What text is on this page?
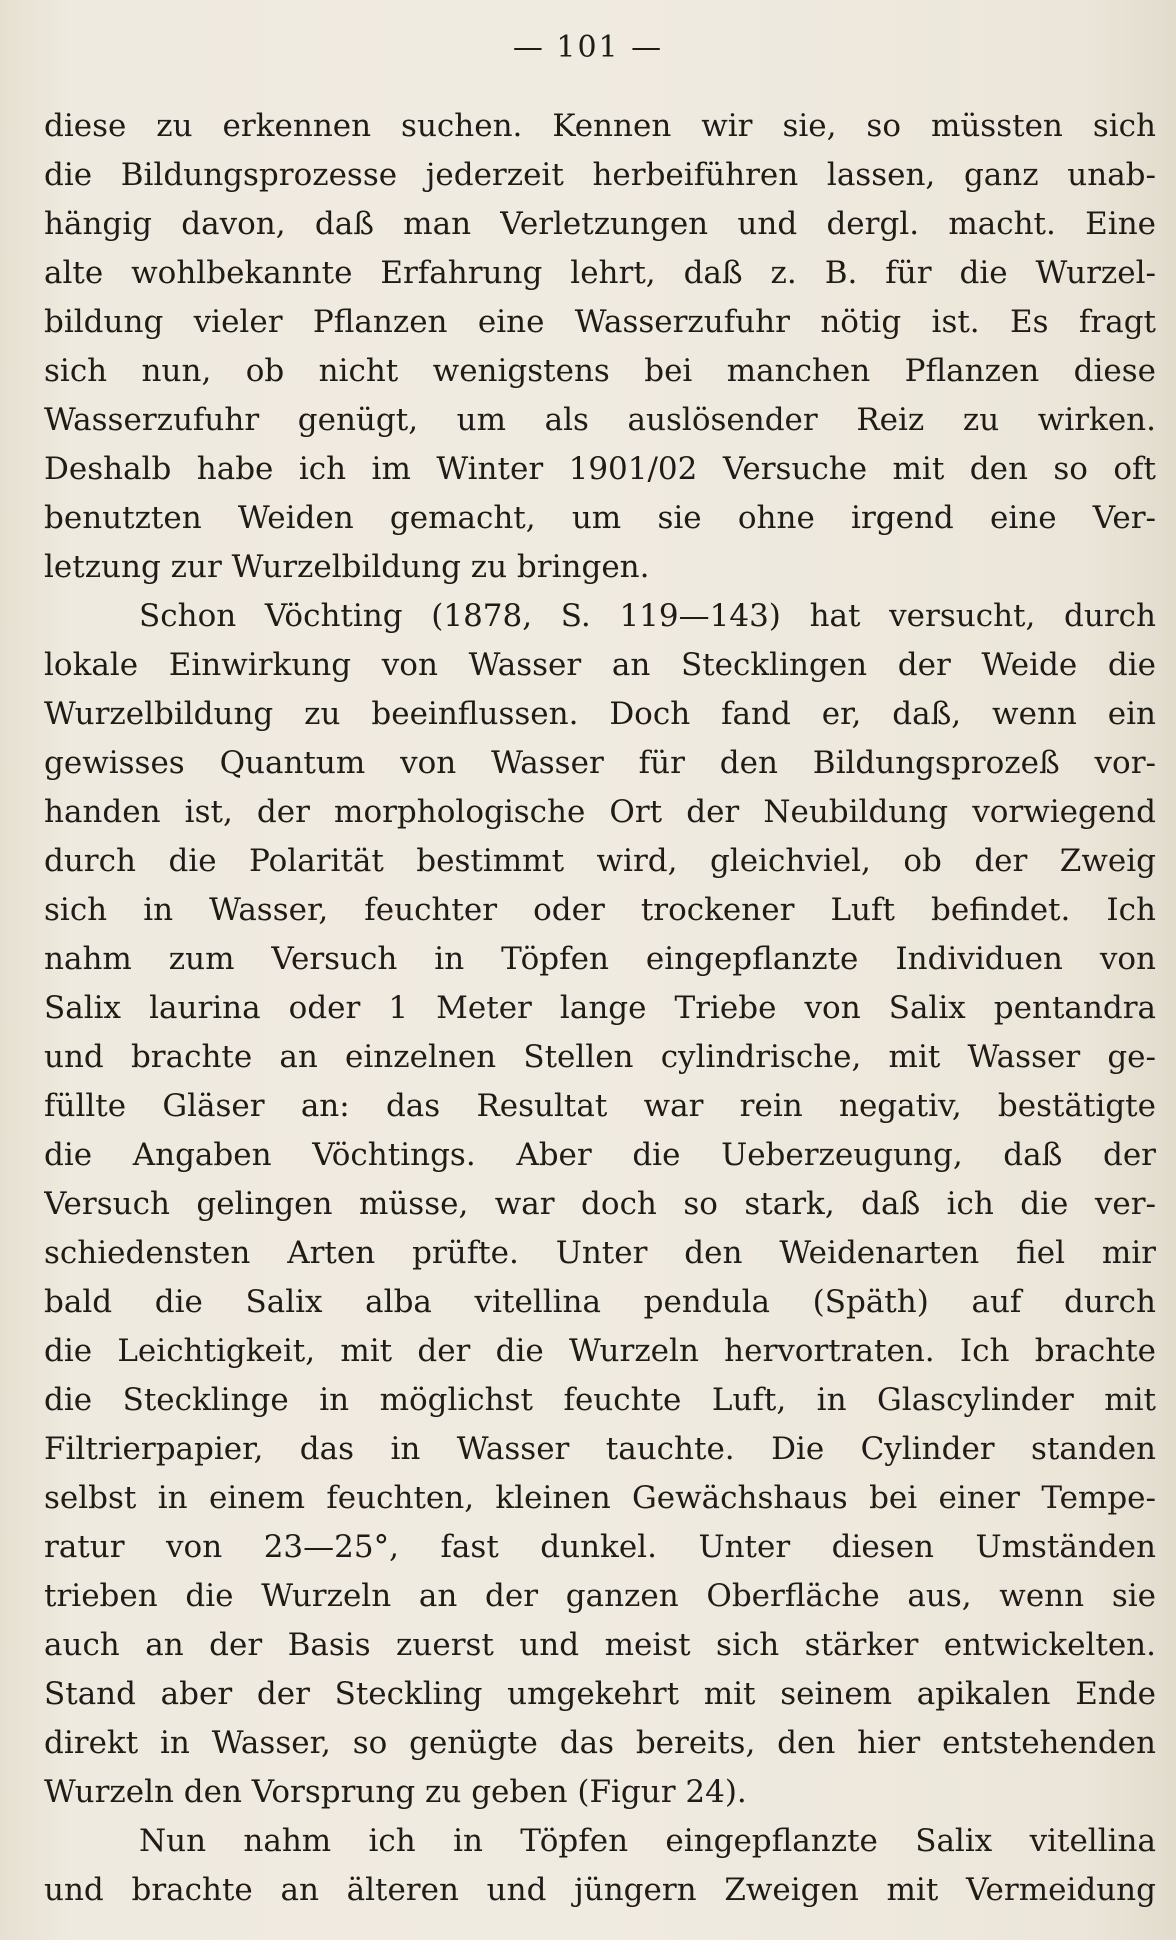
— 101 —
diese zu erkennen suchen. Kennen wir sie, so müssten sich
die Bildungsprozesse jederzeit herbeiführen lassen, ganz unab-
hängig davon, daß man Verletzungen und dergl. macht. Eine
alte wohlbekannte Erfahrung lehrt, daß z. B. für die Wurzel-
bildung vieler Pflanzen eine Wasserzufuhr nötig ist. Es fragt
sich nun, ob nicht wenigstens bei manchen Pflanzen diese
Wasserzufuhr genügt, um als auslösender Reiz zu wirken.
Deshalb habe ich im Winter 1901/02 Versuche mit den so oft
benutzten Weiden gemacht, um sie ohne irgend eine Ver-
letzung zur Wurzelbildung zu bringen.
Schon Vöchting (1878, S. 119—143) hat versucht, durch
lokale Einwirkung von Wasser an Stecklingen der Weide die
Wurzelbildung zu beeinflussen. Doch fand er, daß, wenn ein
gewisses Quantum von Wasser für den Bildungsprozeß vor-
handen ist, der morphologische Ort der Neubildung vorwiegend
durch die Polarität bestimmt wird, gleichviel, ob der Zweig
sich in Wasser, feuchter oder trockener Luft befindet. Ich
nahm zum Versuch in Töpfen eingepflanzte Individuen von
Salix laurina oder 1 Meter lange Triebe von Salix pentandra
und brachte an einzelnen Stellen cylindrische, mit Wasser ge-
füllte Gläser an: das Resultat war rein negativ, bestätigte
die Angaben Vöchtings. Aber die Ueberzeugung, daß der
Versuch gelingen müsse, war doch so stark, daß ich die ver-
schiedensten Arten prüfte. Unter den Weidenarten fiel mir
bald die Salix alba vitellina pendula (Späth) auf durch
die Leichtigkeit, mit der die Wurzeln hervortraten. Ich brachte
die Stecklinge in möglichst feuchte Luft, in Glascylinder mit
Filtrierpapier, das in Wasser tauchte. Die Cylinder standen
selbst in einem feuchten, kleinen Gewächshaus bei einer Tempe-
ratur von 23—25°, fast dunkel. Unter diesen Umständen
trieben die Wurzeln an der ganzen Oberfläche aus, wenn sie
auch an der Basis zuerst und meist sich stärker entwickelten.
Stand aber der Steckling umgekehrt mit seinem apikalen Ende
direkt in Wasser, so genügte das bereits, den hier entstehenden
Wurzeln den Vorsprung zu geben (Figur 24).
Nun nahm ich in Töpfen eingepflanzte Salix vitellina
und brachte an älteren und jüngern Zweigen mit Vermeidung
